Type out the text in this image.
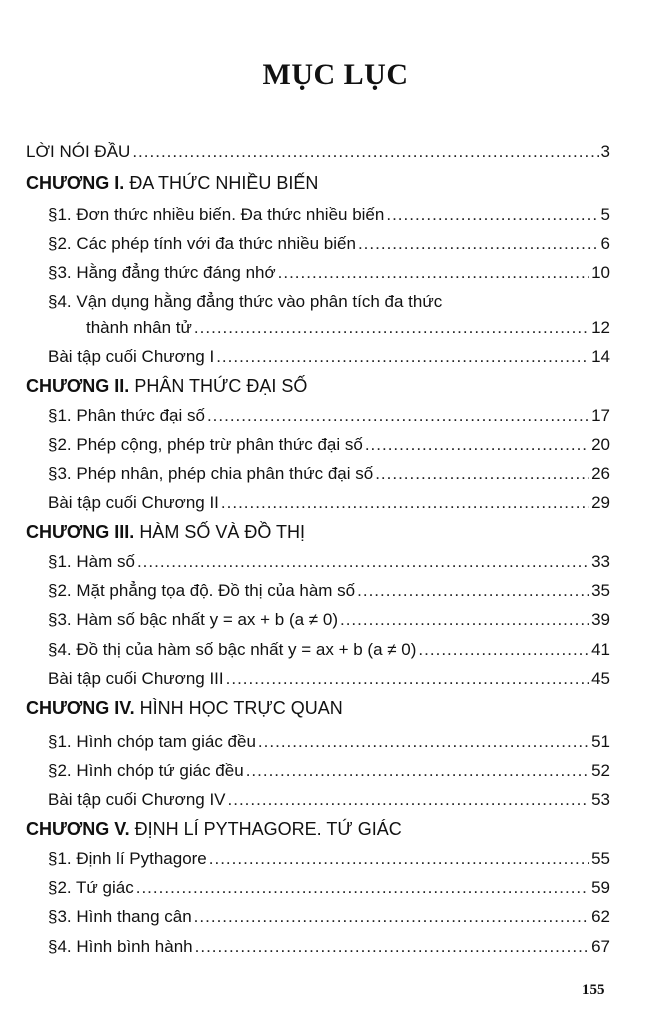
MỤC LỤC
LỜI NÓI ĐẦU .....	3
CHƯƠNG I. ĐA THỨC NHIỀU BIẾN
§1. Đơn thức nhiều biến. Đa thức nhiều biến .....	5
§2. Các phép tính với đa thức nhiều biến .....	6
§3. Hằng đẳng thức đáng nhớ .....	10
§4. Vận dụng hằng đẳng thức vào phân tích đa thức
thành nhân tử .....	12
Bài tập cuối Chương I .....	14
CHƯƠNG II. PHÂN THỨC ĐẠI SỐ
§1. Phân thức đại số .....	17
§2. Phép cộng, phép trừ phân thức đại số .....	20
§3. Phép nhân, phép chia phân thức đại số .....	26
Bài tập cuối Chương II .....	29
CHƯƠNG III. HÀM SỐ VÀ ĐỒ THỊ
§1. Hàm số .....	33
§2. Mặt phẳng tọa độ. Đồ thị của hàm số .....	35
§3. Hàm số bậc nhất y = ax + b (a ≠ 0) .....	39
§4. Đồ thị của hàm số bậc nhất y = ax + b (a ≠ 0) .....	41
Bài tập cuối Chương III .....	45
CHƯƠNG IV. HÌNH HỌC TRỰC QUAN
§1. Hình chóp tam giác đều .....	51
§2. Hình chóp tứ giác đều .....	52
Bài tập cuối Chương IV .....	53
CHƯƠNG V. ĐỊNH LÍ PYTHAGORE. TỨ GIÁC
§1. Định lí Pythagore .....	55
§2. Tứ giác .....	59
§3. Hình thang cân .....	62
§4. Hình bình hành .....	67
155
